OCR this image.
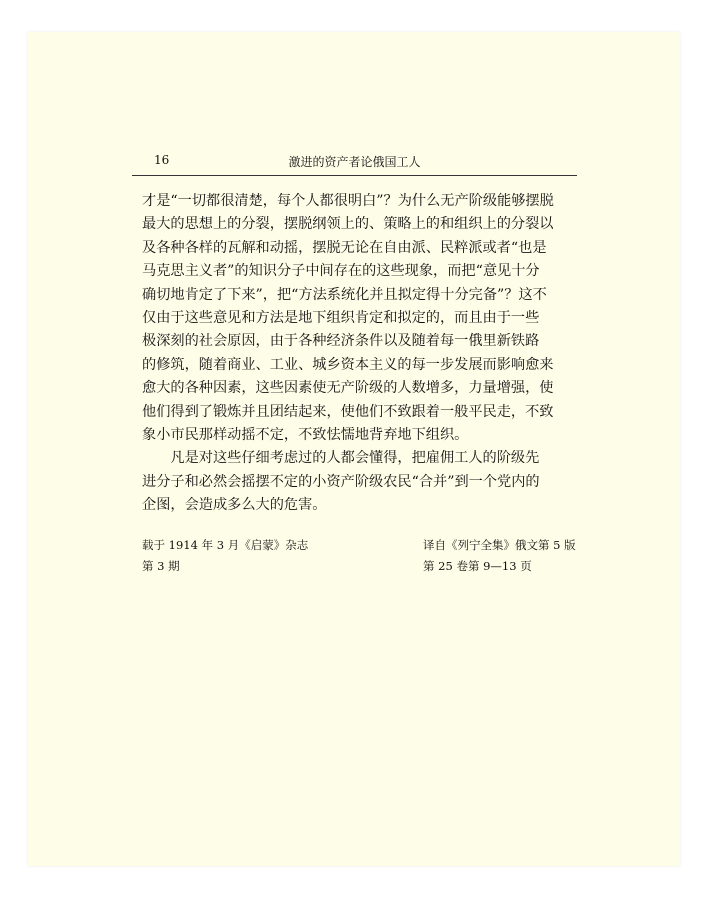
16	激进的资产者论俄国工人

才是“一切都很清楚，每个人都很明白”？为什么无产阶级能够摆脱
最大的思想上的分裂，摆脱纲领上的、策略上的和组织上的分裂以
及各种各样的瓦解和动摇，摆脱无论在自由派、民粹派或者“也是
马克思主义者”的知识分子中间存在的这些现象，而把“意见十分
确切地肯定了下来”，把“方法系统化并且拟定得十分完备”？这不
仅由于这些意见和方法是地下组织肯定和拟定的，而且由于一些
极深刻的社会原因，由于各种经济条件以及随着每一俄里新铁路
的修筑，随着商业、工业、城乡资本主义的每一步发展而影响愈来
愈大的各种因素，这些因素使无产阶级的人数增多，力量增强，使
他们得到了锻炼并且团结起来，使他们不致跟着一般平民走，不致
象小市民那样动摇不定，不致怯懦地背弃地下组织。

凡是对这些仔细考虑过的人都会懂得，把雇佣工人的阶级先
进分子和必然会摇摆不定的小资产阶级农民“合并”到一个党内的
企图，会造成多么大的危害。

载于 1914 年 3 月《启蒙》杂志
第 3 期
译自《列宁全集》俄文第 5 版
第 25 卷第 9—13 页
